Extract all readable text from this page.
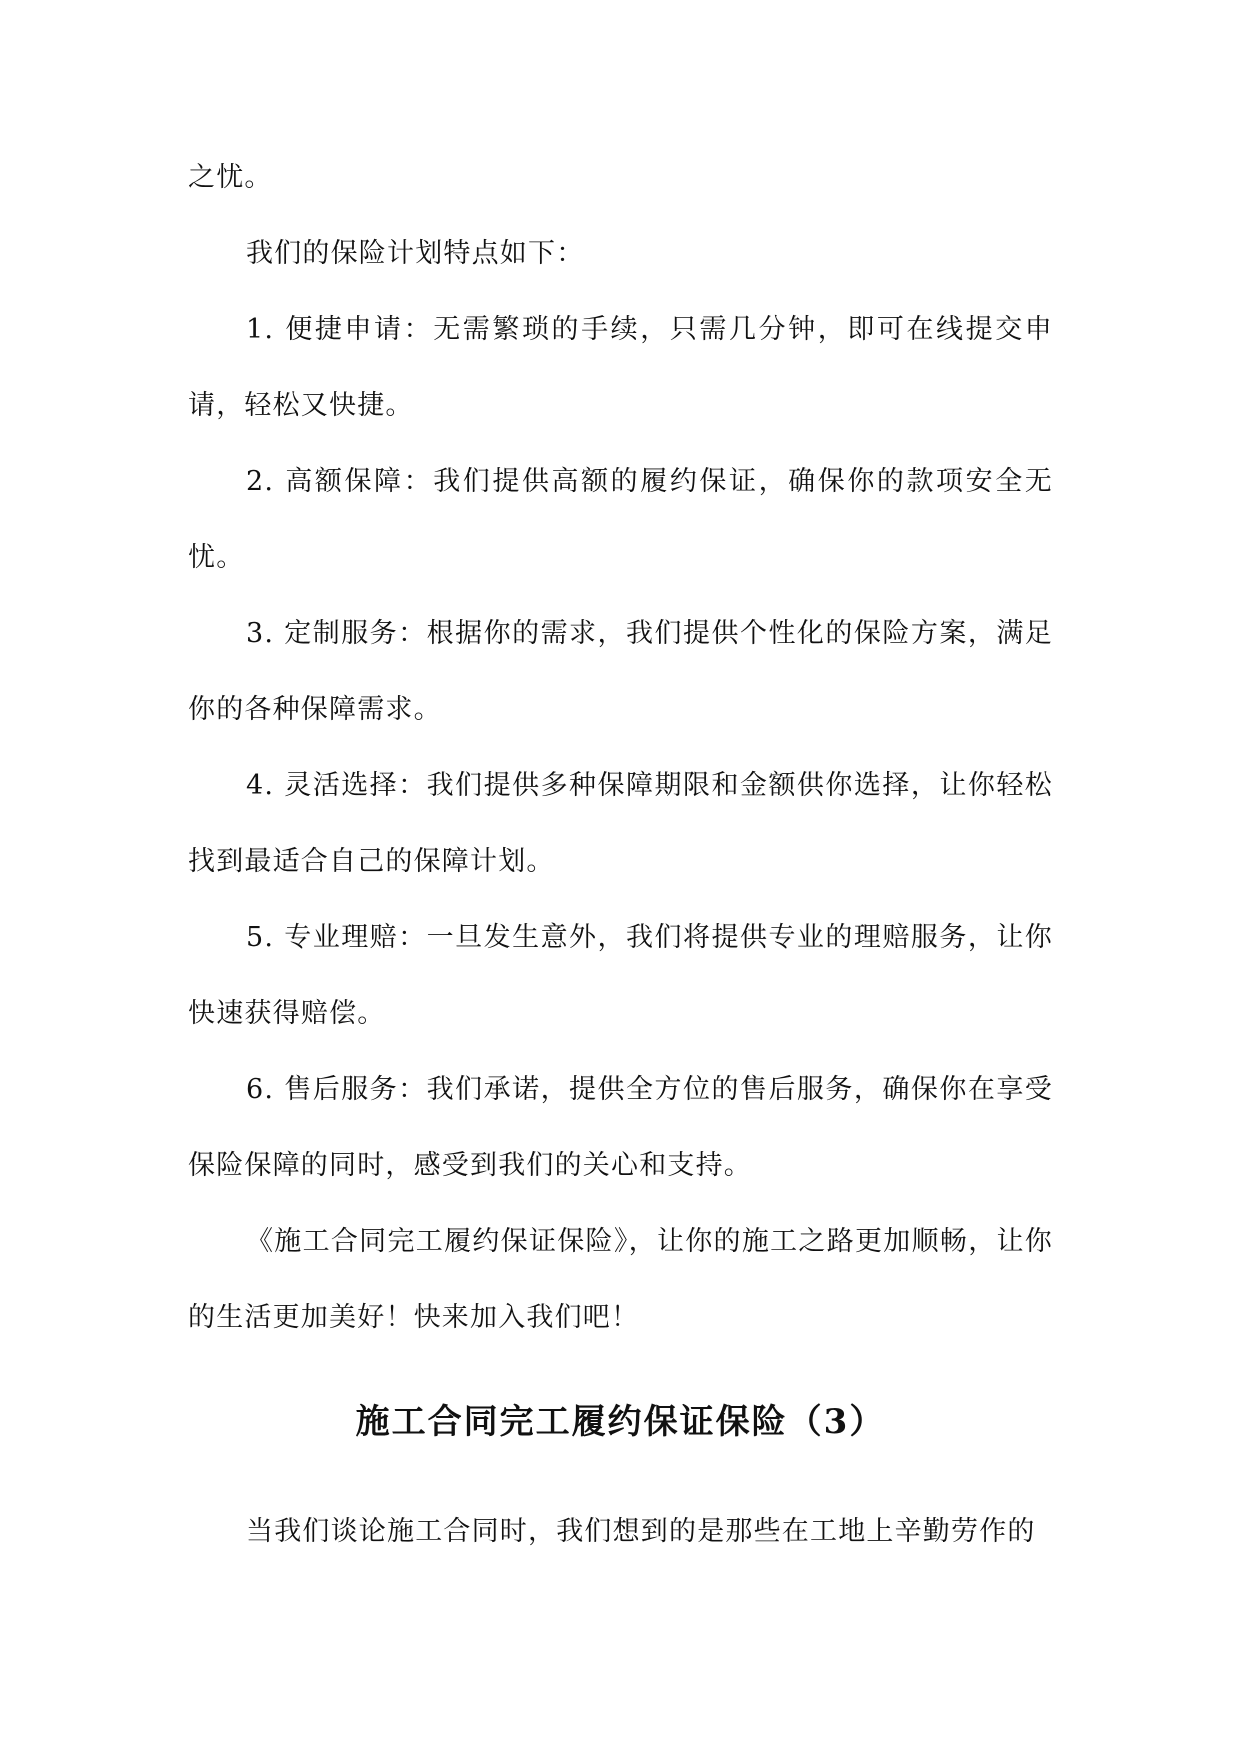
之忧。

我们的保险计划特点如下：

1. 便捷申请：无需繁琐的手续，只需几分钟，即可在线提交申请，轻松又快捷。

2. 高额保障：我们提供高额的履约保证，确保你的款项安全无忧。

3. 定制服务：根据你的需求，我们提供个性化的保险方案，满足你的各种保障需求。

4. 灵活选择：我们提供多种保障期限和金额供你选择，让你轻松找到最适合自己的保障计划。

5. 专业理赔：一旦发生意外，我们将提供专业的理赔服务，让你快速获得赔偿。

6. 售后服务：我们承诺，提供全方位的售后服务，确保你在享受保险保障的同时，感受到我们的关心和支持。

《施工合同完工履约保证保险》，让你的施工之路更加顺畅，让你的生活更加美好！快来加入我们吧！

施工合同完工履约保证保险（3）

当我们谈论施工合同时，我们想到的是那些在工地上辛勤劳作的
